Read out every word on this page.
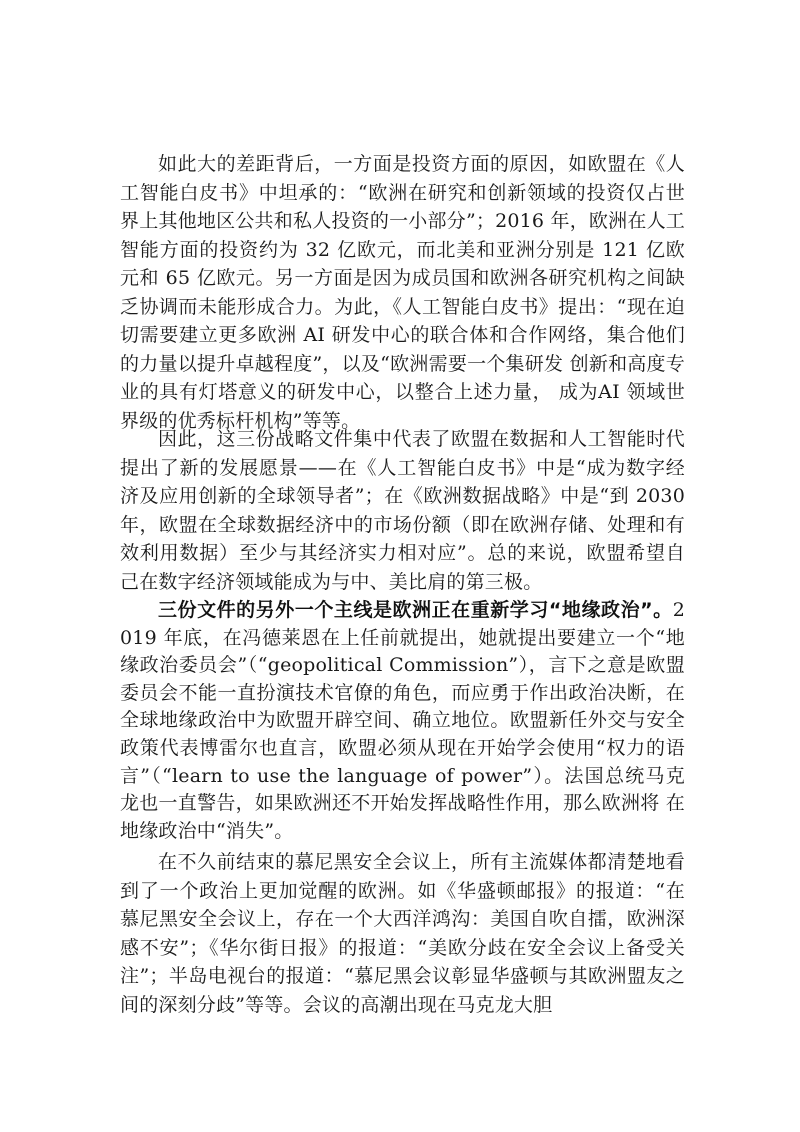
如此大的差距背后，一方面是投资方面的原因，如欧盟在《人工智能白皮书》中坦承的：“欧洲在研究和创新领域的投资仅占世界上其他地区公共和私人投资的一小部分”；2016 年，欧洲在人工智能方面的投资约为 32 亿欧元，而北美和亚洲分别是 121 亿欧元和 65 亿欧元。另一方面是因为成员国和欧洲各研究机构之间缺乏协调而未能形成合力。为此，《人工智能白皮书》提出：“现在迫切需要建立更多欧洲 AI 研发中心的联合体和合作网络，集合他们的力量以提升卓越程度”，以及“欧洲需要一个集研发 创新和高度专业的具有灯塔意义的研发中心，以整合上述力量， 成为AI 领域世界级的优秀标杆机构”等等。

因此，这三份战略文件集中代表了欧盟在数据和人工智能时代提出了新的发展愿景——在《人工智能白皮书》中是“成为数字经济及应用创新的全球领导者”；在《欧洲数据战略》中是“到 2030 年，欧盟在全球数据经济中的市场份额（即在欧洲存储、处理和有效利用数据）至少与其经济实力相对应”。总的来说，欧盟希望自己在数字经济领域能成为与中、美比肩的第三极。

三份文件的另外一个主线是欧洲正在重新学习“地缘政治”。2019 年底，在冯德莱恩在上任前就提出，她就提出要建立一个“地缘政治委员会”（“geopolitical Commission”），言下之意是欧盟委员会不能一直扮演技术官僚的角色，而应勇于作出政治决断，在全球地缘政治中为欧盟开辟空间、确立地位。欧盟新任外交与安全政策代表博雷尔也直言，欧盟必须从现在开始学会使用“权力的语言”（“learn to use the language of power”）。法国总统马克 龙也一直警告，如果欧洲还不开始发挥战略性作用，那么欧洲将 在地缘政治中“消失”。

在不久前结束的慕尼黑安全会议上，所有主流媒体都清楚地看到了一个政治上更加觉醒的欧洲。如《华盛顿邮报》的报道：“在慕尼黑安全会议上，存在一个大西洋鸿沟：美国自吹自擂，欧洲深感不安”；《华尔街日报》的报道：“美欧分歧在安全会议上备受关注”；半岛电视台的报道：“慕尼黑会议彰显华盛顿与其欧洲盟友之间的深刻分歧”等等。会议的高潮出现在马克龙大胆
